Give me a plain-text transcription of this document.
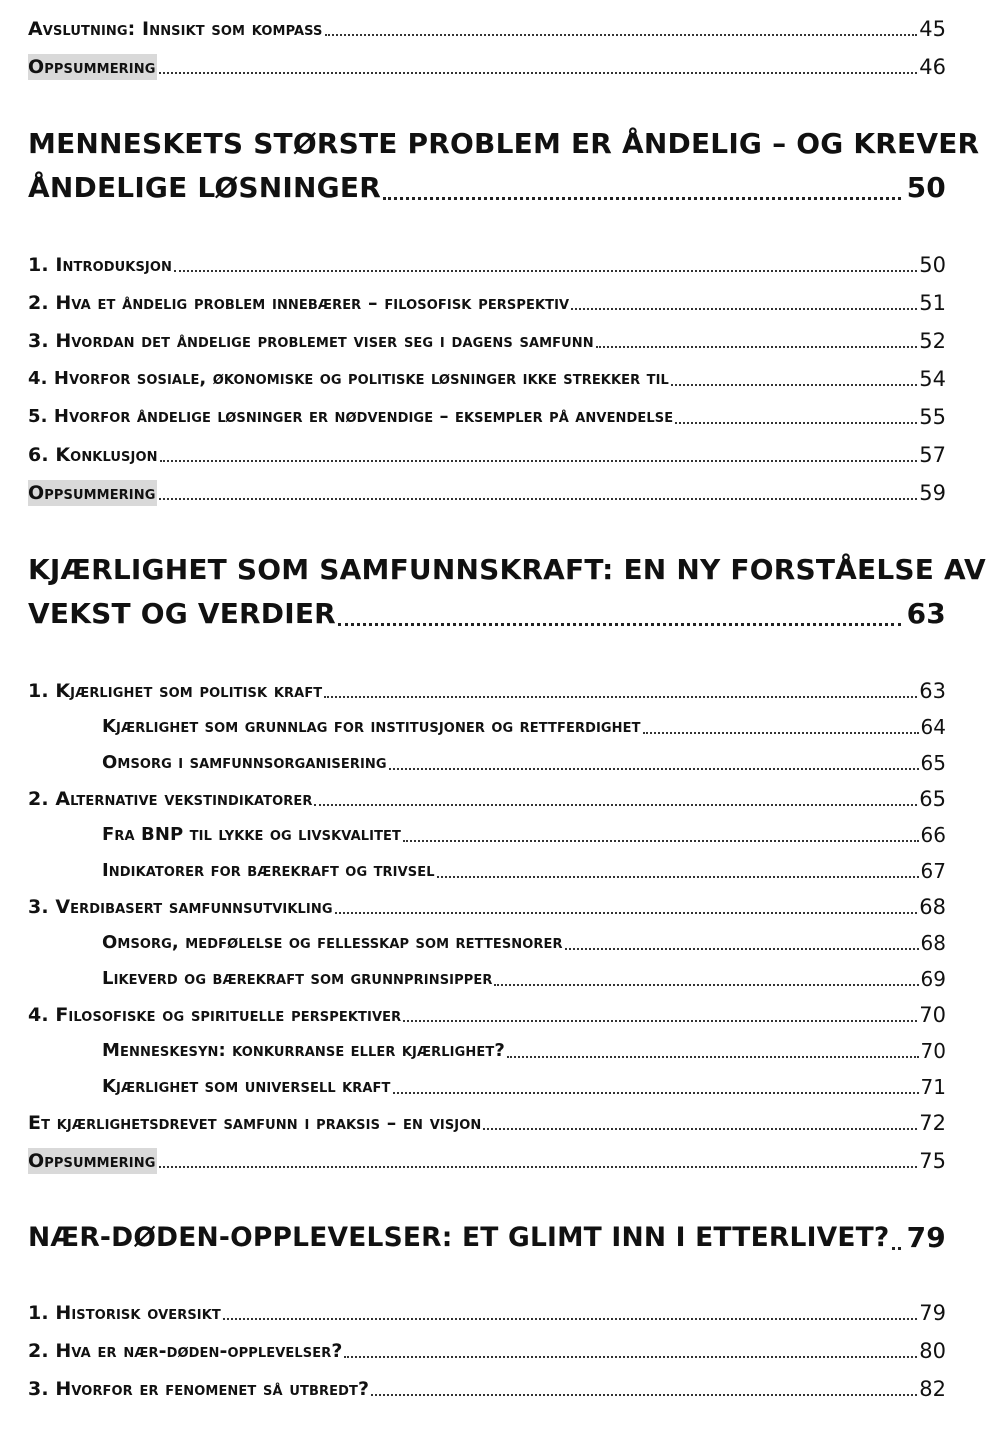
Avslutning: Innsikt som kompass	45
Oppsummering	46
MENNESKETS STØRSTE PROBLEM ER ÅNDELIG – OG KREVER
ÅNDELIGE LØSNINGER	50
1. Introduksjon	50
2. Hva et åndelig problem innebærer – filosofisk perspektiv	51
3. Hvordan det åndelige problemet viser seg i dagens samfunn	52
4. Hvorfor sosiale, økonomiske og politiske løsninger ikke strekker til	54
5. Hvorfor åndelige løsninger er nødvendige – eksempler på anvendelse	55
6. Konklusjon	57
Oppsummering	59
KJÆRLIGHET SOM SAMFUNNSKRAFT: EN NY FORSTÅELSE AV
VEKST OG VERDIER	63
1. Kjærlighet som politisk kraft	63
Kjærlighet som grunnlag for institusjoner og rettferdighet	64
Omsorg i samfunnsorganisering	65
2. Alternative vekstindikatorer	65
Fra BNP til lykke og livskvalitet	66
Indikatorer for bærekraft og trivsel	67
3. Verdibasert samfunnsutvikling	68
Omsorg, medfølelse og fellesskap som rettesnorer	68
Likeverd og bærekraft som grunnprinsipper	69
4. Filosofiske og spirituelle perspektiver	70
Menneskesyn: konkurranse eller kjærlighet?	70
Kjærlighet som universell kraft	71
Et kjærlighetsdrevet samfunn i praksis – en visjon	72
Oppsummering	75
NÆR-DØDEN-OPPLEVELSER: ET GLIMT INN I ETTERLIVET? 79
1. Historisk oversikt	79
2. Hva er nær-døden-opplevelser?	80
3. Hvorfor er fenomenet så utbredt?	82
